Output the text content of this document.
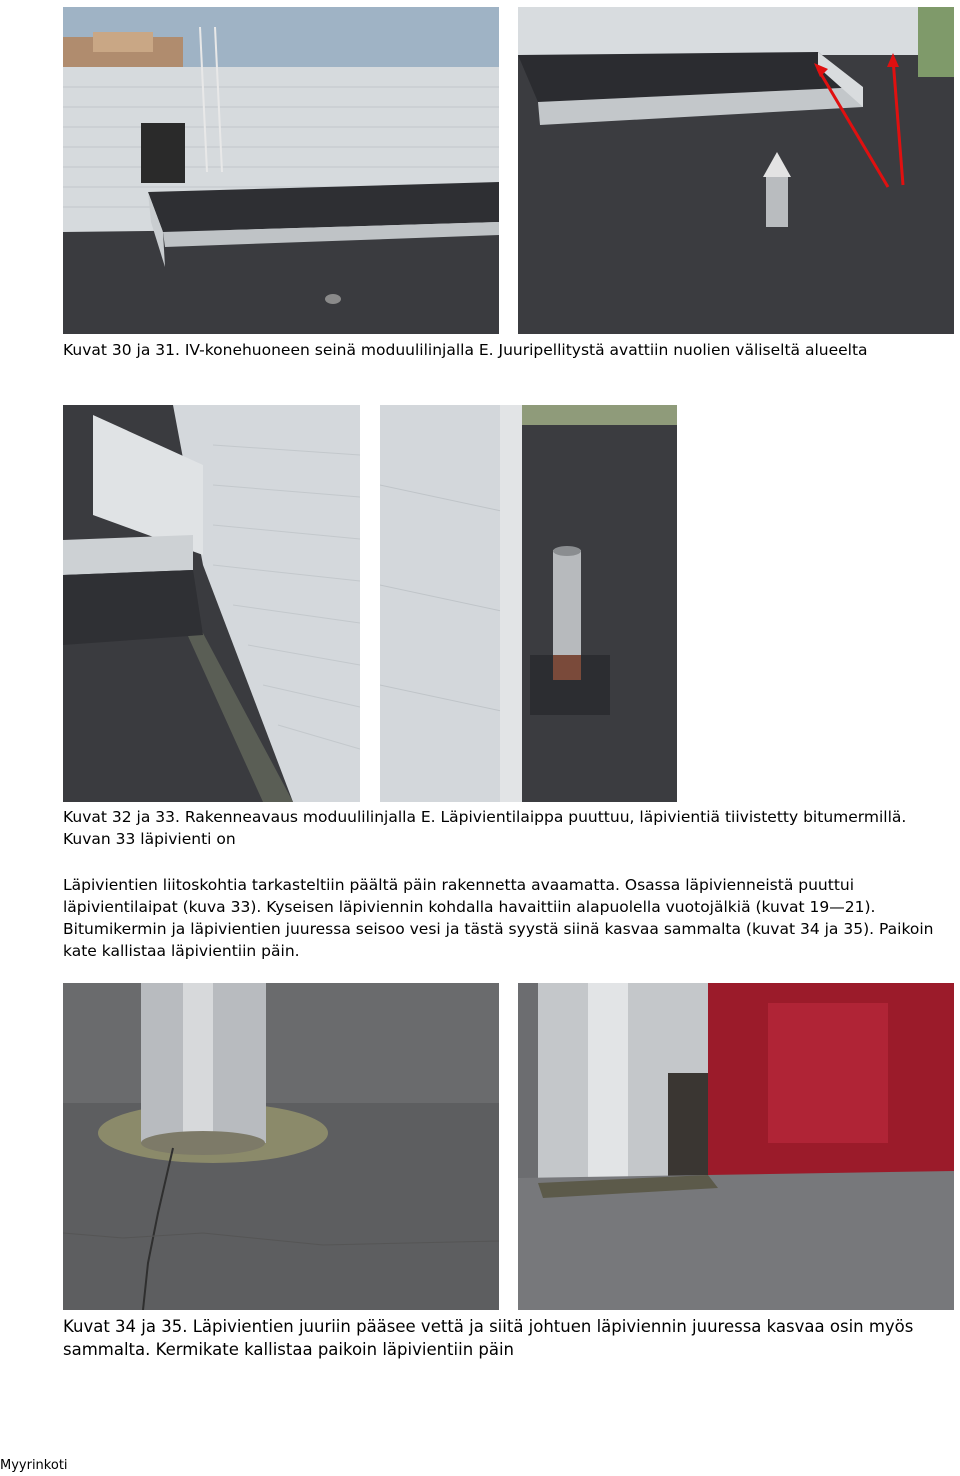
Kuvat 30 ja 31. IV-konehuoneen seinä moduulilinjalla E. Juuripellitystä avattiin nuolien väliseltä alueelta

Kuvat 32 ja 33. Rakenneavaus moduulilinjalla E. Läpivientilaippa puuttuu, läpivientiä tiivistetty bitumermillä. Kuvan 33 läpivienti on

Läpivientien liitoskohtia tarkasteltiin päältä päin rakennetta avaamatta. Osassa läpivienneistä puuttui läpivientilaipat (kuva 33). Kyseisen läpiviennin kohdalla havaittiin alapuolella vuotojälkiä (kuvat 19—21). Bitumikermin ja läpivientien juuressa seisoo vesi ja tästä syystä siinä kasvaa sammalta (kuvat 34 ja 35). Paikoin kate kallistaa läpivientiin päin.

Kuvat 34 ja 35. Läpivientien juuriin pääsee vettä ja siitä johtuen läpiviennin juuressa kasvaa osin myös sammalta. Kermikate kallistaa paikoin läpivientiin päin

Myyrinkoti
